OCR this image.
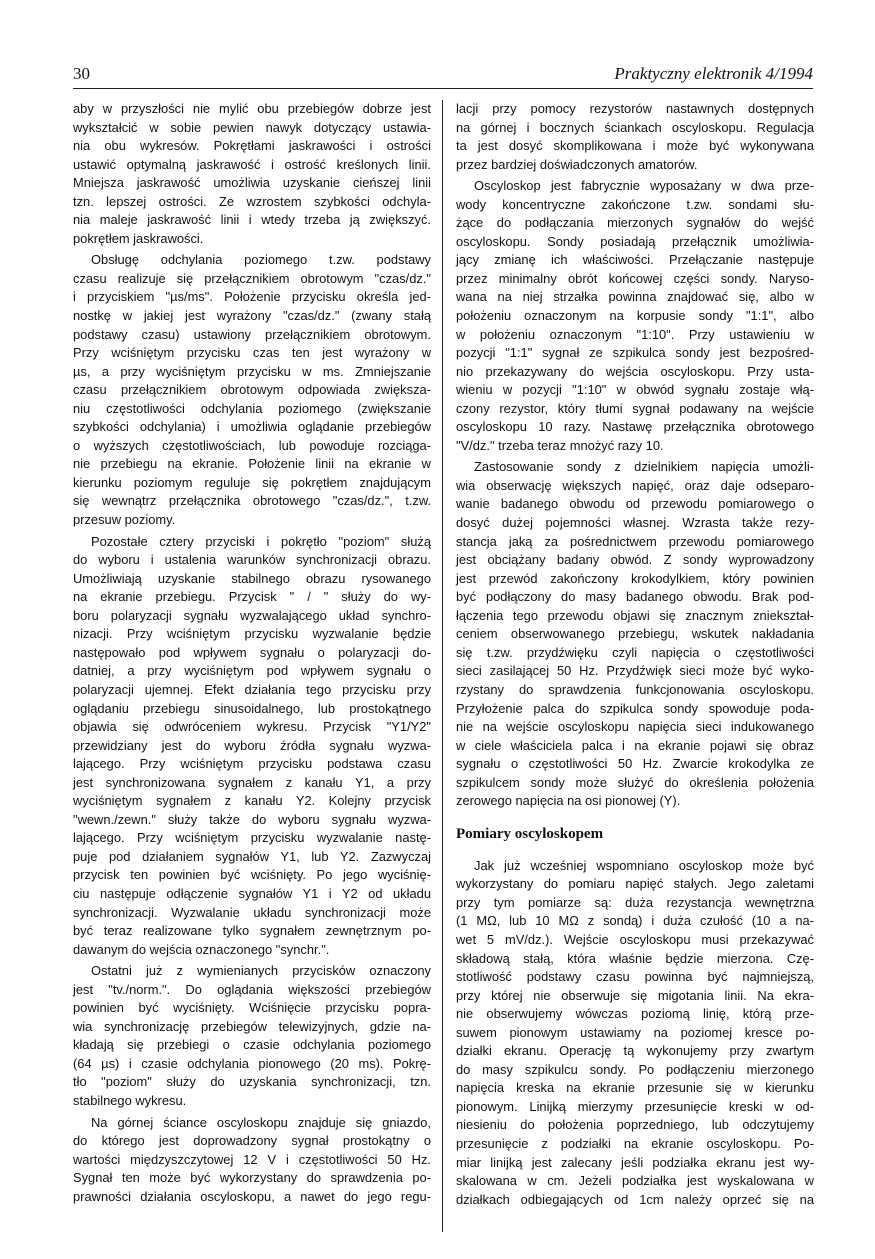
30	Praktyczny elektronik 4/1994
aby w przyszłości nie mylić obu przebiegów dobrze jest
wykształcić w sobie pewien nawyk dotyczący ustawia-
nia obu wykresów. Pokrętłami jaskrawości i ostrości
ustawić optymalną jaskrawość i ostrość kreślonych linii.
Mniejsza jaskrawość umożliwia uzyskanie cieńszej linii
tzn. lepszej ostrości. Ze wzrostem szybkości odchyla-
nia maleje jaskrawość linii i wtedy trzeba ją zwiększyć.
pokrętłem jaskrawości.
Obsługę odchylania poziomego t.zw. podstawy
czasu realizuje się przełącznikiem obrotowym "czas/dz."
i przyciskiem "µs/ms". Położenie przycisku określa jed-
nostkę w jakiej jest wyrażony "czas/dz." (zwany stałą
podstawy czasu) ustawiony przełącznikiem obrotowym.
Przy wciśniętym przycisku czas ten jest wyrażony w
µs, a przy wyciśniętym przycisku w ms. Zmniejszanie
czasu przełącznikiem obrotowym odpowiada zwiększa-
niu częstotliwości odchylania poziomego (zwiększanie
szybkości odchylania) i umożliwia oglądanie przebiegów
o wyższych częstotliwościach, lub powoduje rozciąga-
nie przebiegu na ekranie. Położenie linii na ekranie w
kierunku poziomym reguluje się pokrętłem znajdującym
się wewnątrz przełącznika obrotowego "czas/dz.", t.zw.
przesuw poziomy.
Pozostałe cztery przyciski i pokrętło "poziom" służą
do wyboru i ustalenia warunków synchronizacji obrazu.
Umożliwiają uzyskanie stabilnego obrazu rysowanego
na ekranie przebiegu. Przycisk " / " służy do wy-
boru polaryzacji sygnału wyzwalającego układ synchro-
nizacji. Przy wciśniętym przycisku wyzwalanie będzie
następowało pod wpływem sygnału o polaryzacji do-
datniej, a przy wyciśniętym pod wpływem sygnału o
polaryzacji ujemnej. Efekt działania tego przycisku przy
oglądaniu przebiegu sinusoidalnego, lub prostokątnego
objawia się odwróceniem wykresu. Przycisk "Y1/Y2"
przewidziany jest do wyboru źródła sygnału wyzwa-
lającego. Przy wciśniętym przycisku podstawa czasu
jest synchronizowana sygnałem z kanału Y1, a przy
wyciśniętym sygnałem z kanału Y2. Kolejny przycisk
"wewn./zewn." służy także do wyboru sygnału wyzwa-
lającego. Przy wciśniętym przycisku wyzwalanie nastę-
puje pod działaniem sygnałów Y1, lub Y2. Zazwyczaj
przycisk ten powinien być wciśnięty. Po jego wyciśnię-
ciu następuje odłączenie sygnałów Y1 i Y2 od układu
synchronizacji. Wyzwalanie układu synchronizacji może
być teraz realizowane tylko sygnałem zewnętrznym po-
dawanym do wejścia oznaczonego "synchr.".
Ostatni już z wymienianych przycisków oznaczony
jest "tv./norm.". Do oglądania większości przebiegów
powinien być wyciśnięty. Wciśnięcie przycisku popra-
wia synchronizację przebiegów telewizyjnych, gdzie na-
kładają się przebiegi o czasie odchylania poziomego
(64 µs) i czasie odchylania pionowego (20 ms). Pokrę-
tło "poziom" służy do uzyskania synchronizacji, tzn.
stabilnego wykresu.
Na górnej ściance oscyloskopu znajduje się gniazdo,
do którego jest doprowadzony sygnał prostokątny o
wartości międzyszczytowej 12 V i częstotliwości 50 Hz.
Sygnał ten może być wykorzystany do sprawdzenia po-
prawności działania oscyloskopu, a nawet do jego regu-
lacji przy pomocy rezystorów nastawnych dostępnych
na górnej i bocznych ściankach oscyloskopu. Regulacja
ta jest dosyć skomplikowana i może być wykonywana
przez bardziej doświadczonych amatorów.
Oscyloskop jest fabrycznie wyposażany w dwa prze-
wody koncentryczne zakończone t.zw. sondami słu-
żące do podłączania mierzonych sygnałów do wejść
oscyloskopu. Sondy posiadają przełącznik umożliwia-
jący zmianę ich właściwości. Przełączanie następuje
przez minimalny obrót końcowej części sondy. Naryso-
wana na niej strzałka powinna znajdować się, albo w
położeniu oznaczonym na korpusie sondy "1:1", albo
w położeniu oznaczonym "1:10". Przy ustawieniu w
pozycji "1:1" sygnał ze szpikulca sondy jest bezpośred-
nio przekazywany do wejścia oscyloskopu. Przy usta-
wieniu w pozycji "1:10" w obwód sygnału zostaje włą-
czony rezystor, który tłumi sygnał podawany na wejście
oscyloskopu 10 razy. Nastawę przełącznika obrotowego
"V/dz." trzeba teraz mnożyć razy 10.
Zastosowanie sondy z dzielnikiem napięcia umożli-
wia obserwację większych napięć, oraz daje odseparo-
wanie badanego obwodu od przewodu pomiarowego o
dosyć dużej pojemności własnej. Wzrasta także rezy-
stancja jaką za pośrednictwem przewodu pomiarowego
jest obciążany badany obwód. Z sondy wyprowadzony
jest przewód zakończony krokodylkiem, który powinien
być podłączony do masy badanego obwodu. Brak pod-
łączenia tego przewodu objawi się znacznym zniekształ-
ceniem obserwowanego przebiegu, wskutek nakładania
się t.zw. przydźwięku czyli napięcia o częstotliwości
sieci zasilającej 50 Hz. Przydźwięk sieci może być wyko-
rzystany do sprawdzenia funkcjonowania oscyloskopu.
Przyłożenie palca do szpikulca sondy spowoduje poda-
nie na wejście oscyloskopu napięcia sieci indukowanego
w ciele właściciela palca i na ekranie pojawi się obraz
sygnału o częstotliwości 50 Hz. Zwarcie krokodylka ze
szpikulcem sondy może służyć do określenia położenia
zerowego napięcia na osi pionowej (Y).
Pomiary oscyloskopem
Jak już wcześniej wspomniano oscyloskop może być
wykorzystany do pomiaru napięć stałych. Jego zaletami
przy tym pomiarze są: duża rezystancja wewnętrzna
(1 MΩ, lub 10 MΩ z sondą) i duża czułość (10 a na-
wet 5 mV/dz.). Wejście oscyloskopu musi przekazywać
składową stałą, która właśnie będzie mierzona. Czę-
stotliwość podstawy czasu powinna być najmniejszą,
przy której nie obserwuje się migotania linii. Na ekra-
nie obserwujemy wówczas poziomą linię, którą prze-
suwem pionowym ustawiamy na poziomej kresce po-
działki ekranu. Operację tą wykonujemy przy zwartym
do masy szpikulcu sondy. Po podłączeniu mierzonego
napięcia kreska na ekranie przesunie się w kierunku
pionowym. Linijką mierzymy przesunięcie kreski w od-
niesieniu do położenia poprzedniego, lub odczytujemy
przesunięcie z podziałki na ekranie oscyloskopu. Po-
miar linijką jest zalecany jeśli podziałka ekranu jest wy-
skalowana w cm. Jeżeli podziałka jest wyskalowana w
działkach odbiegających od 1cm należy oprzeć się na
